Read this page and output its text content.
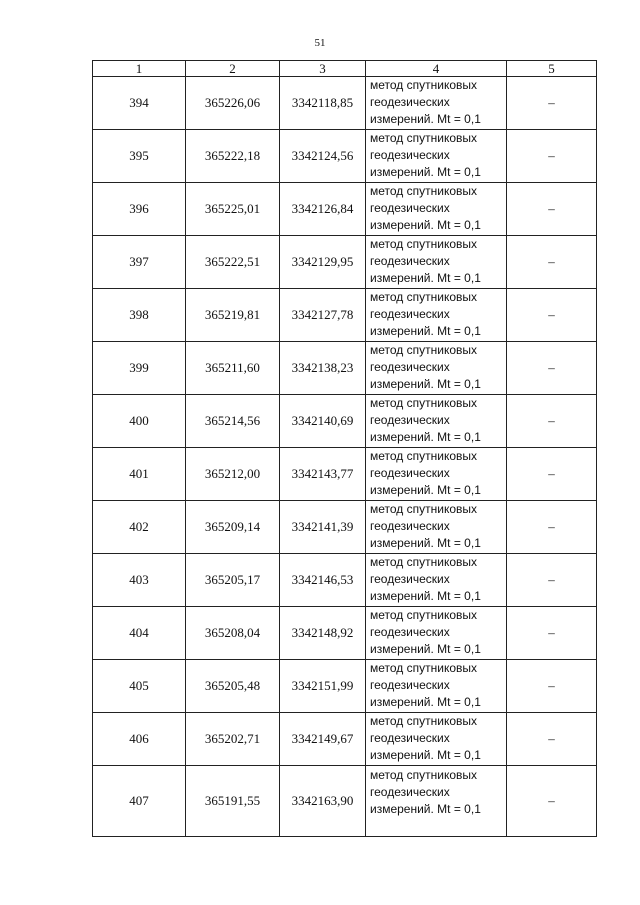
51
1	2	3	4	5
394	365226,06	3342118,85	метод спутниковых
геодезических
измерений. Mt = 0,1	–
395	365222,18	3342124,56	метод спутниковых
геодезических
измерений. Mt = 0,1	–
396	365225,01	3342126,84	метод спутниковых
геодезических
измерений. Mt = 0,1	–
397	365222,51	3342129,95	метод спутниковых
геодезических
измерений. Mt = 0,1	–
398	365219,81	3342127,78	метод спутниковых
геодезических
измерений. Mt = 0,1	–
399	365211,60	3342138,23	метод спутниковых
геодезических
измерений. Mt = 0,1	–
400	365214,56	3342140,69	метод спутниковых
геодезических
измерений. Mt = 0,1	–
401	365212,00	3342143,77	метод спутниковых
геодезических
измерений. Mt = 0,1	–
402	365209,14	3342141,39	метод спутниковых
геодезических
измерений. Mt = 0,1	–
403	365205,17	3342146,53	метод спутниковых
геодезических
измерений. Mt = 0,1	–
404	365208,04	3342148,92	метод спутниковых
геодезических
измерений. Mt = 0,1	–
405	365205,48	3342151,99	метод спутниковых
геодезических
измерений. Mt = 0,1	–
406	365202,71	3342149,67	метод спутниковых
геодезических
измерений. Mt = 0,1	–
407	365191,55	3342163,90	метод спутниковых
геодезических
измерений. Mt = 0,1	–
